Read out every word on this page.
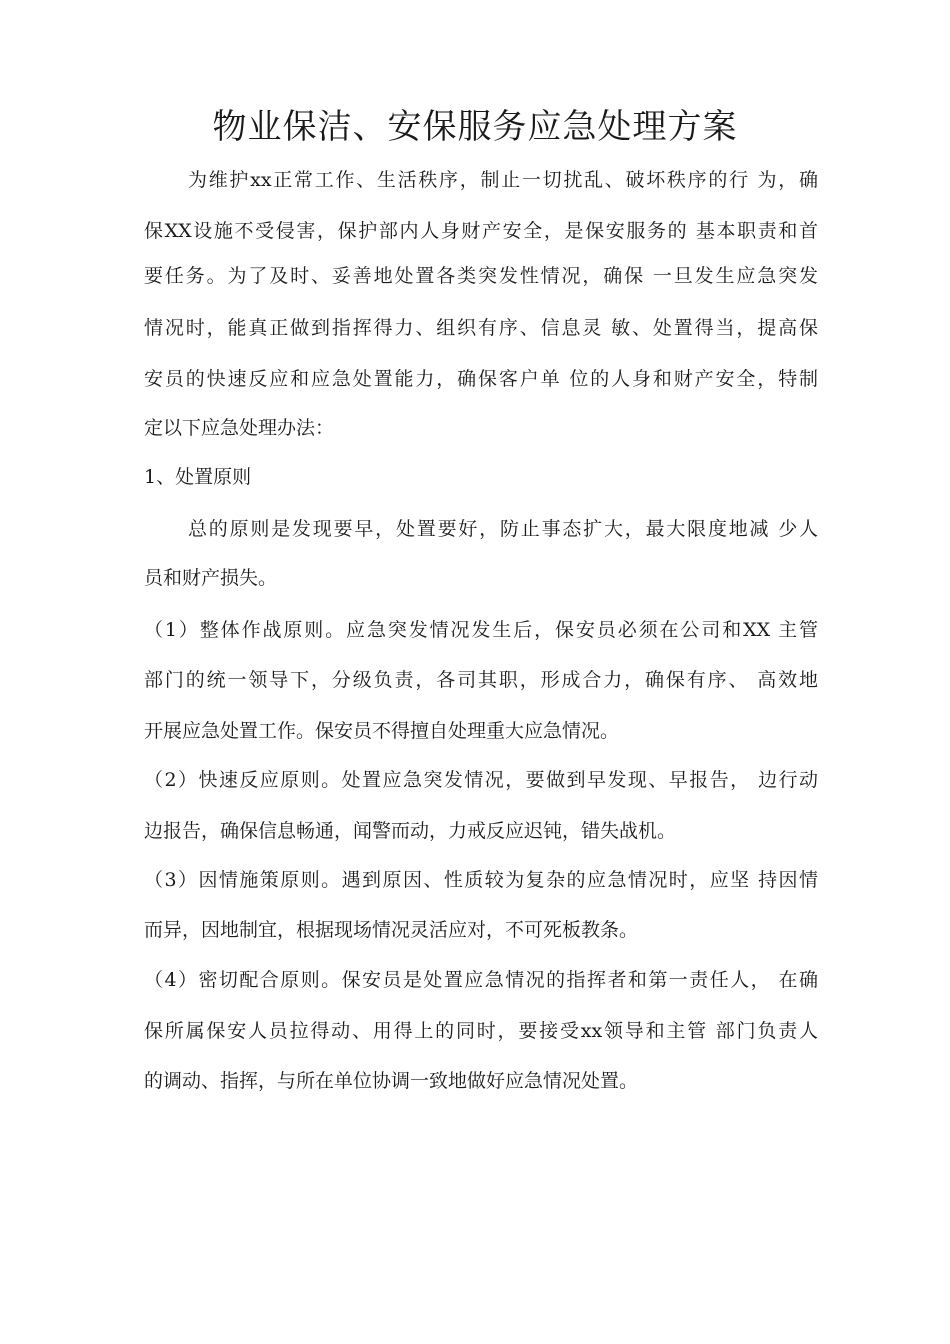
物业保洁、安保服务应急处理方案

为维护xx正常工作、生活秩序，制止一切扰乱、破坏秩序的行 为，确

保XX设施不受侵害，保护部内人身财产安全，是保安服务的 基本职责和首

要任务。为了及时、妥善地处置各类突发性情况，确保 一旦发生应急突发

情况时，能真正做到指挥得力、组织有序、信息灵 敏、处置得当，提高保

安员的快速反应和应急处置能力，确保客户单 位的人身和财产安全，特制

定以下应急处理办法：

1、处置原则

总的原则是发现要早，处置要好，防止事态扩大，最大限度地减 少人

员和财产损失。

（1）整体作战原则。应急突发情况发生后，保安员必须在公司和XX 主管

部门的统一领导下，分级负责，各司其职，形成合力，确保有序、 高效地

开展应急处置工作。保安员不得擅自处理重大应急情况。

（2）快速反应原则。处置应急突发情况，要做到早发现、早报告， 边行动

边报告，确保信息畅通，闻警而动，力戒反应迟钝，错失战机。

（3）因情施策原则。遇到原因、性质较为复杂的应急情况时，应坚 持因情

而异，因地制宜，根据现场情况灵活应对，不可死板教条。

（4）密切配合原则。保安员是处置应急情况的指挥者和第一责任人， 在确

保所属保安人员拉得动、用得上的同时，要接受xx领导和主管 部门负责人

的调动、指挥，与所在单位协调一致地做好应急情况处置。
